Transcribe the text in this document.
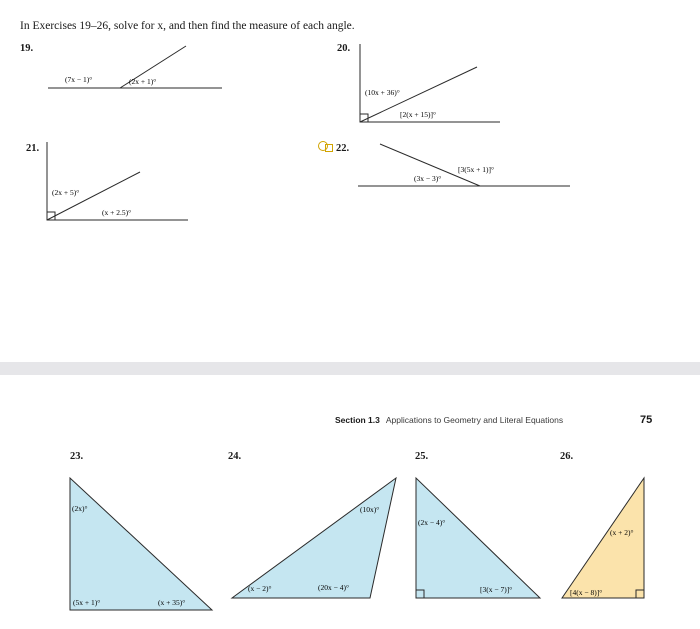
In Exercises 19–26, solve for x, and then find the measure of each angle.
19.
(7x − 1)°	(2x + 1)°
20.
(10x + 36)°
[2(x + 15)]°
21.
(2x + 5)°
(x + 2.5)°
22.
(3x − 3)°
[3(5x + 1)]°
Section 1.3 Applications to Geometry and Literal Equations	75
23.	24.	25.	26.
(2x)°
(5x + 1)°	(x + 35)°
(10x)°
(x − 2)°	(20x − 4)°
(2x − 4)°
[3(x − 7)]°
(x + 2)°
[4(x − 8)]°
